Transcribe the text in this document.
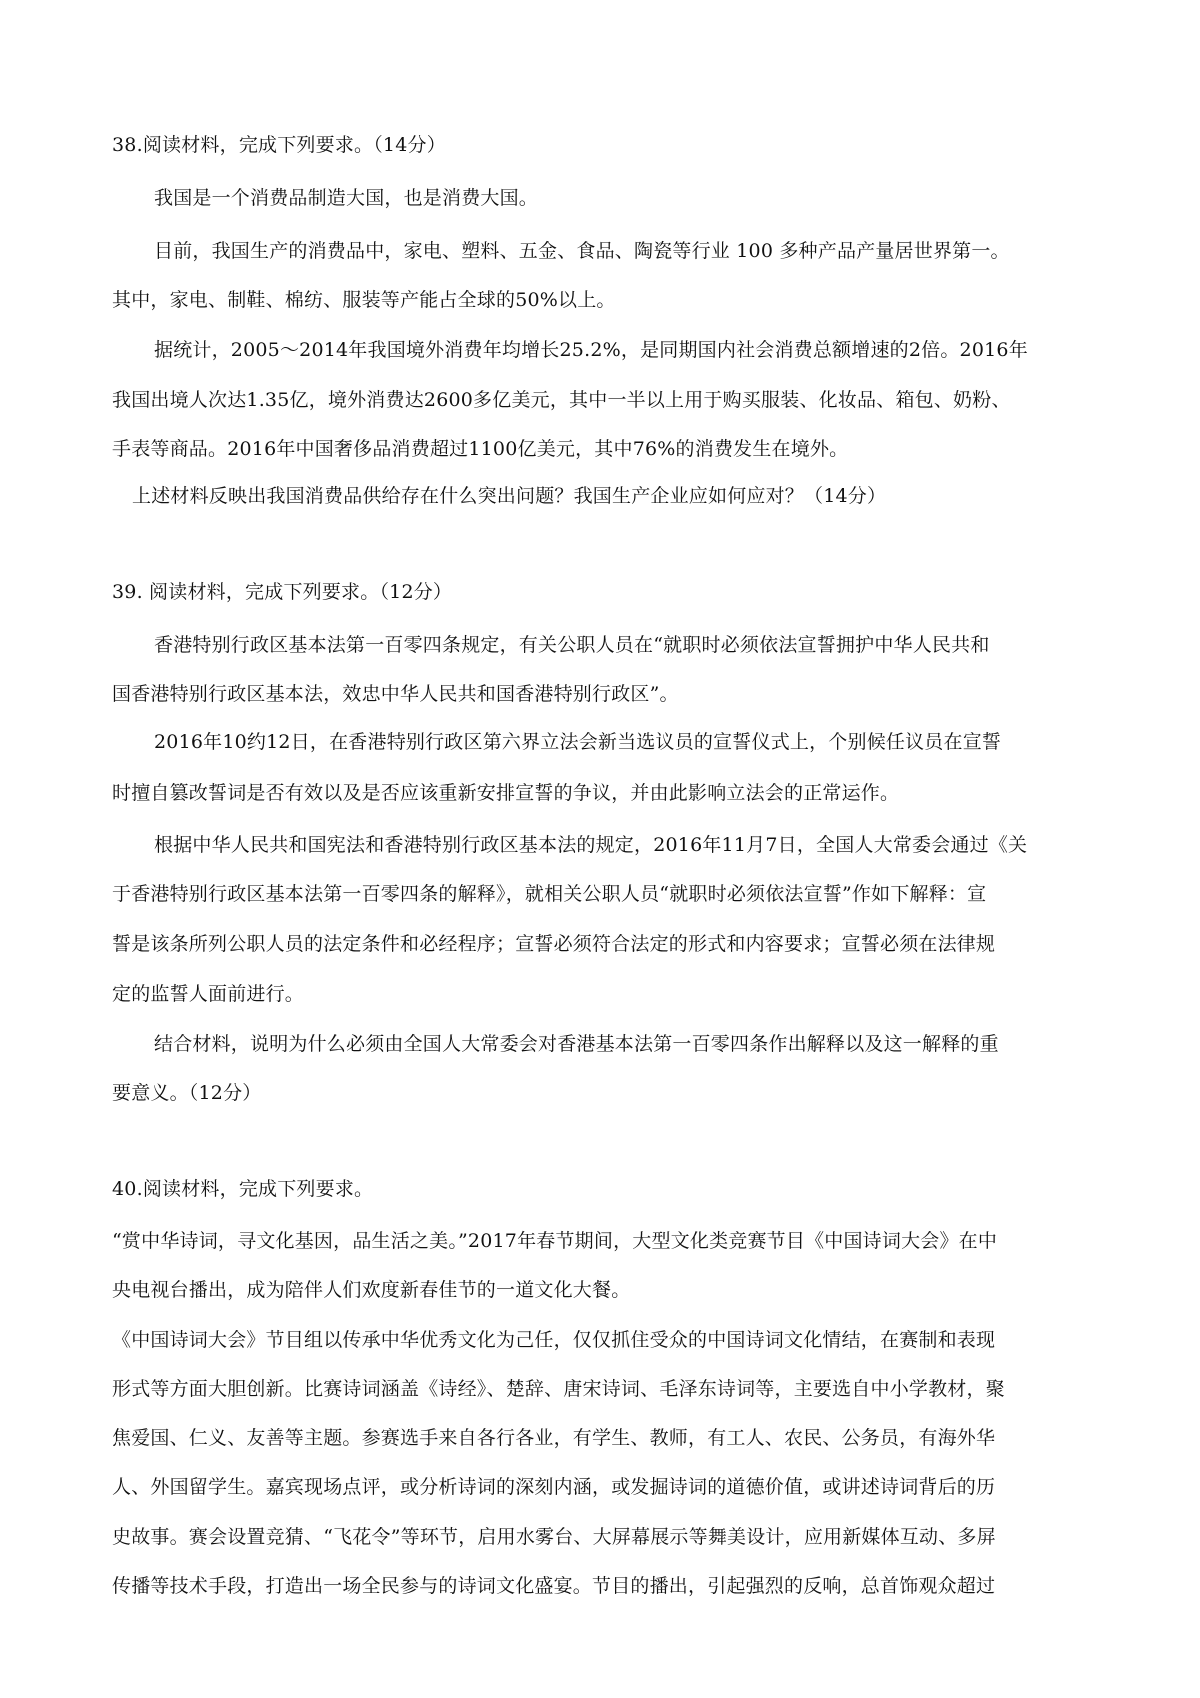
38.阅读材料，完成下列要求。（14分）
我国是一个消费品制造大国，也是消费大国。
目前，我国生产的消费品中，家电、塑料、五金、食品、陶瓷等行业 100 多种产品产量居世界第一。
其中，家电、制鞋、棉纺、服装等产能占全球的50%以上。
据统计，2005～2014年我国境外消费年均增长25.2%，是同期国内社会消费总额增速的2倍。2016年
我国出境人次达1.35亿，境外消费达2600多亿美元，其中一半以上用于购买服装、化妆品、箱包、奶粉、
手表等商品。2016年中国奢侈品消费超过1100亿美元，其中76%的消费发生在境外。
上述材料反映出我国消费品供给存在什么突出问题？我国生产企业应如何应对？（14分）
39. 阅读材料，完成下列要求。（12分）
香港特别行政区基本法第一百零四条规定，有关公职人员在“就职时必须依法宣誓拥护中华人民共和
国香港特别行政区基本法，效忠中华人民共和国香港特别行政区”。
2016年10约12日，在香港特别行政区第六界立法会新当选议员的宣誓仪式上，个别候任议员在宣誓
时擅自篡改誓词是否有效以及是否应该重新安排宣誓的争议，并由此影响立法会的正常运作。
根据中华人民共和国宪法和香港特别行政区基本法的规定，2016年11月7日，全国人大常委会通过《关
于香港特别行政区基本法第一百零四条的解释》，就相关公职人员“就职时必须依法宣誓”作如下解释：宣
誓是该条所列公职人员的法定条件和必经程序；宣誓必须符合法定的形式和内容要求；宣誓必须在法律规
定的监誓人面前进行。
结合材料，说明为什么必须由全国人大常委会对香港基本法第一百零四条作出解释以及这一解释的重
要意义。（12分）
40.阅读材料，完成下列要求。
“赏中华诗词，寻文化基因，品生活之美。”2017年春节期间，大型文化类竞赛节目《中国诗词大会》在中
央电视台播出，成为陪伴人们欢度新春佳节的一道文化大餐。
《中国诗词大会》节目组以传承中华优秀文化为己任，仅仅抓住受众的中国诗词文化情结，在赛制和表现
形式等方面大胆创新。比赛诗词涵盖《诗经》、楚辞、唐宋诗词、毛泽东诗词等，主要选自中小学教材，聚
焦爱国、仁义、友善等主题。参赛选手来自各行各业，有学生、教师，有工人、农民、公务员，有海外华
人、外国留学生。嘉宾现场点评，或分析诗词的深刻内涵，或发掘诗词的道德价值，或讲述诗词背后的历
史故事。赛会设置竞猜、“飞花令”等环节，启用水雾台、大屏幕展示等舞美设计，应用新媒体互动、多屏
传播等技术手段，打造出一场全民参与的诗词文化盛宴。节目的播出，引起强烈的反响，总首饰观众超过
